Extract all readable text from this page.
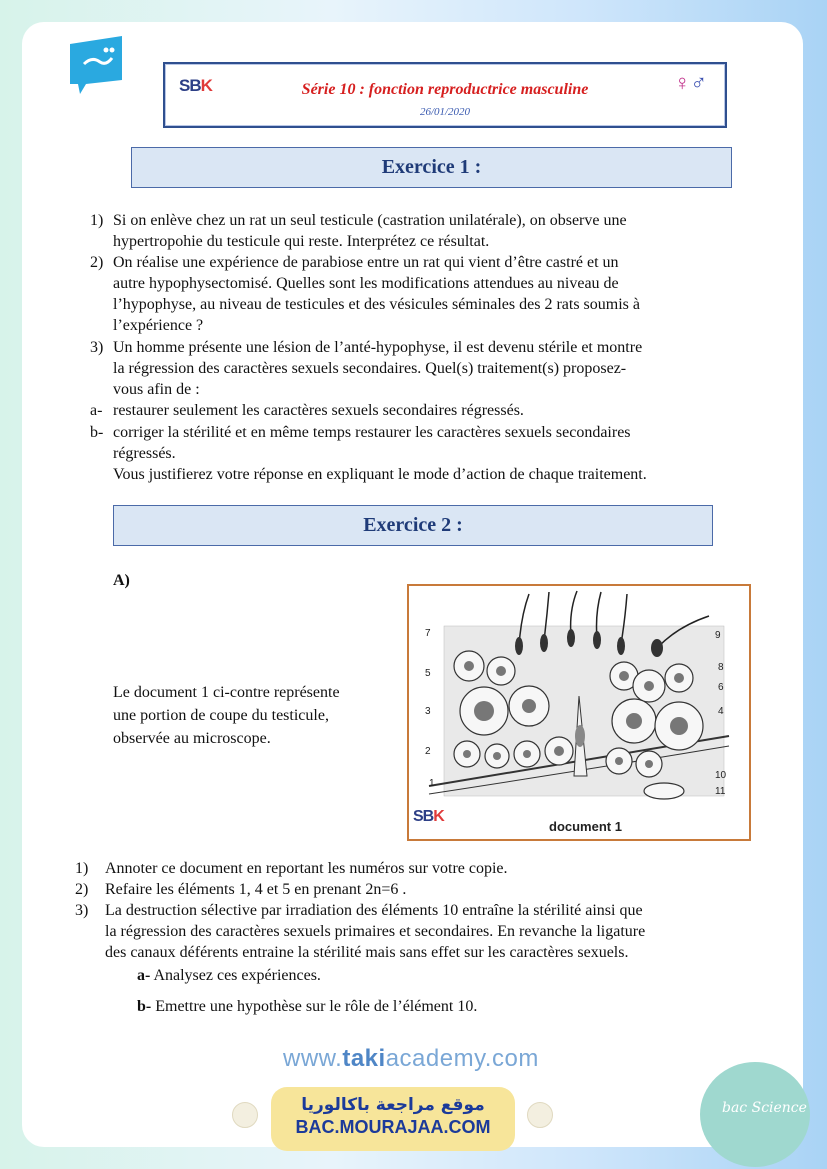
SBK	Série 10 : fonction reproductrice masculine
26/01/2020
♀♂
Exercice 1 :
1) Si on enlève chez un rat un seul testicule (castration unilatérale), on observe une
hypertropohie du testicule qui reste. Interprétez ce résultat.
2) On réalise une expérience de parabiose entre un rat qui vient d’être castré et un
autre hypophysectomisé. Quelles sont les modifications attendues au niveau de
l’hypophyse, au niveau de testicules et des vésicules séminales des 2 rats soumis à
l’expérience ?
3) Un homme présente une lésion de l’anté-hypophyse, il est devenu stérile et montre
la régression des caractères sexuels secondaires. Quel(s) traitement(s) proposez-
vous afin de :
a- restaurer seulement les caractères sexuels secondaires régressés.
b- corriger la stérilité et en même temps restaurer les caractères sexuels secondaires
régressés.
Vous justifierez votre réponse en expliquant le mode d’action de chaque traitement.
Exercice 2 :
A)
Le document 1 ci-contre représente
une portion de coupe du testicule,
observée au microscope.
7
5
3
2
1
9
8
6
4
10
11
SBK
document 1
1) Annoter ce document en reportant les numéros sur votre copie.
2) Refaire les éléments 1, 4 et 5 en prenant 2n=6 .
3) La destruction sélective par irradiation des éléments 10 entraîne la stérilité ainsi que
la régression des caractères sexuels primaires et secondaires. En revanche la ligature
des canaux déférents entraine la stérilité mais sans effet sur les caractères sexuels.
a- Analysez ces expériences.
b- Emettre une hypothèse sur le rôle de l’élément 10.
www.takiacademy.com
موقع مراجعة باكالوريا
BAC.MOURAJAA.COM
bac Science
